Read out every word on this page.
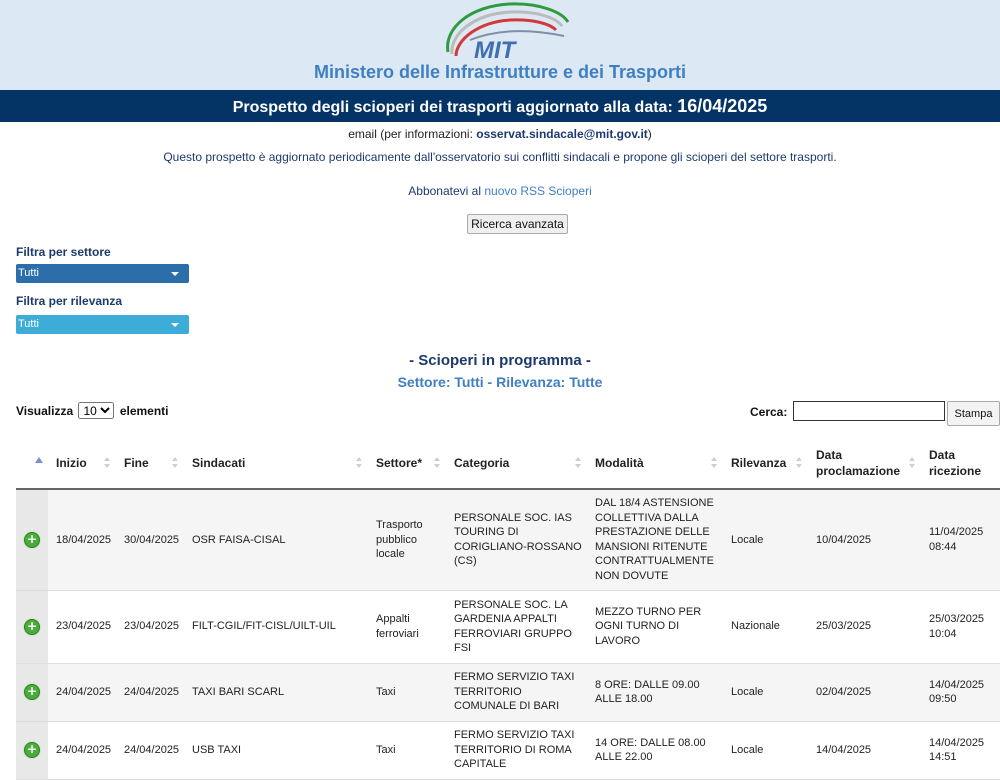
MIT
Ministero delle Infrastrutture e dei Trasporti
Prospetto degli scioperi dei trasporti aggiornato alla data: 16/04/2025
email (per informazioni: osservat.sindacale@mit.gov.it)
Questo prospetto è aggiornato periodicamente dall'osservatorio sui conflitti sindacali e propone gli scioperi del settore trasporti.
Abbonatevi al nuovo RSS Scioperi
Ricerca avanzata
Filtra per settore
Tutti
Filtra per rilevanza
Tutti
- Scioperi in programma -
Settore: Tutti - Rilevanza: Tutte
Visualizza
10	elementi	Cerca:	Stampa
	Inizio	Fine	Sindacati	Settore*	Categoria	Modalità	Rilevanza	Data proclamazione	Data ricezione

+	18/04/2025	30/04/2025	OSR FAISA-CISAL	Trasporto pubblico locale	PERSONALE SOC. IAS TOURING DI CORIGLIANO-ROSSANO (CS)	DAL 18/4 ASTENSIONE COLLETTIVA DALLA PRESTAZIONE DELLE MANSIONI RITENUTE CONTRATTUALMENTE NON DOVUTE	Locale	10/04/2025	11/04/2025 08:44
+	23/04/2025	23/04/2025	FILT-CGIL/FIT-CISL/UILT-UIL	Appalti ferroviari	PERSONALE SOC. LA GARDENIA APPALTI FERROVIARI GRUPPO FSI	MEZZO TURNO PER OGNI TURNO DI LAVORO	Nazionale	25/03/2025	25/03/2025 10:04
+	24/04/2025	24/04/2025	TAXI BARI SCARL	Taxi	FERMO SERVIZIO TAXI TERRITORIO COMUNALE DI BARI	8 ORE: DALLE 09.00 ALLE 18.00	Locale	02/04/2025	14/04/2025 09:50
+	24/04/2025	24/04/2025	USB TAXI	Taxi	FERMO SERVIZIO TAXI TERRITORIO DI ROMA CAPITALE	14 ORE: DALLE 08.00 ALLE 22.00	Locale	14/04/2025	14/04/2025 14:51
